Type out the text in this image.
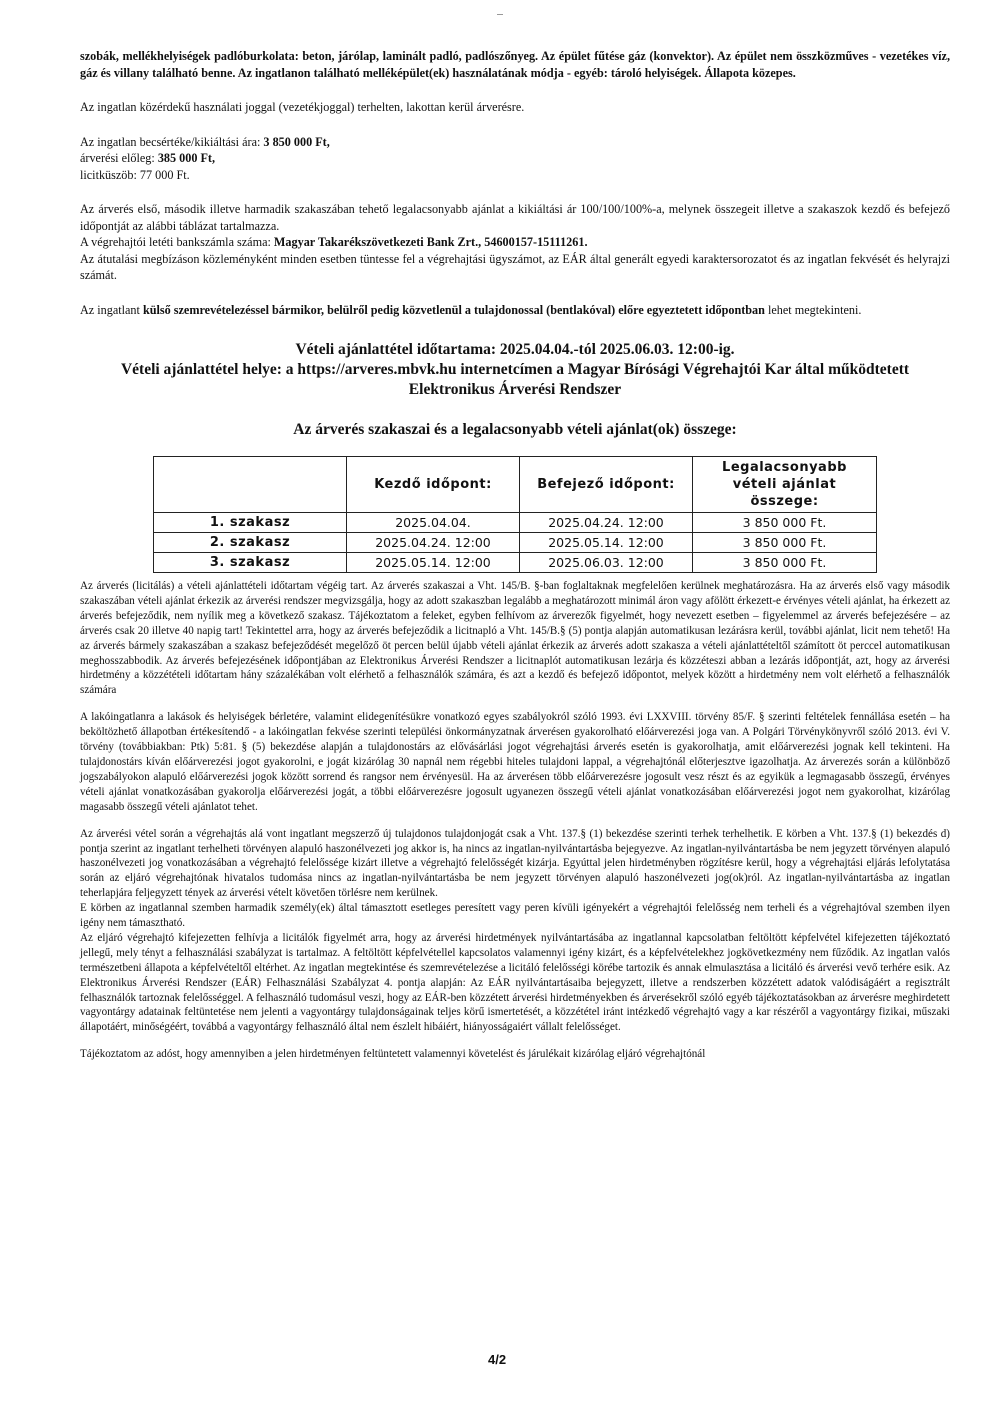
szobák, mellékhelyiségek padlóburkolata: beton, járólap, laminált padló, padlószőnyeg. Az épület fűtése gáz (konvektor). Az épület nem összközműves - vezetékes víz, gáz és villany található benne. Az ingatlanon található melléképület(ek) használatának módja - egyéb: tároló helyiségek. Állapota közepes.

Az ingatlan közérdekű használati joggal (vezetékjoggal) terhelten, lakottan kerül árverésre.

Az ingatlan becsértéke/kikiáltási ára: 3 850 000 Ft,

árverési előleg: 385 000 Ft,

licitküszöb: 77 000 Ft.

Az árverés első, második illetve harmadik szakaszában tehető legalacsonyabb ajánlat a kikiáltási ár 100/100/100%-a, melynek összegeit illetve a szakaszok kezdő és befejező időpontját az alábbi táblázat tartalmazza.

A végrehajtói letéti bankszámla száma: Magyar Takarékszövetkezeti Bank Zrt., 54600157-15111261.

Az átutalási megbízáson közleményként minden esetben tüntesse fel a végrehajtási ügyszámot, az EÁR által generált egyedi karaktersorozatot és az ingatlan fekvését és helyrajzi számát.

Az ingatlant külső szemrevételezéssel bármikor, belülről pedig közvetlenül a tulajdonossal (bentlakóval) előre egyeztetett időpontban lehet megtekinteni.

Vételi ajánlattétel időtartama: 2025.04.04.-tól 2025.06.03. 12:00-ig.

Vételi ajánlattétel helye: a https://arveres.mbvk.hu internetcímen a Magyar Bírósági Végrehajtói Kar által működtetett Elektronikus Árverési Rendszer

Az árverés szakaszai és a legalacsonyabb vételi ajánlat(ok) összege:

	Kezdő időpont:	Befejező időpont:	Legalacsonyabb vételi ajánlat összege:
1. szakasz	2025.04.04.	2025.04.24. 12:00	3 850 000 Ft.
2. szakasz	2025.04.24. 12:00	2025.05.14. 12:00	3 850 000 Ft.
3. szakasz	2025.05.14. 12:00	2025.06.03. 12:00	3 850 000 Ft.

Az árverés (licitálás) a vételi ajánlattételi időtartam végéig tart. Az árverés szakaszai a Vht. 145/B. §-ban foglaltaknak megfelelően kerülnek meghatározásra. Ha az árverés első vagy második szakaszában vételi ajánlat érkezik az árverési rendszer megvizsgálja, hogy az adott szakaszban legalább a meghatározott minimál áron vagy afölött érkezett-e érvényes vételi ajánlat, ha érkezett az árverés befejeződik, nem nyílik meg a következő szakasz. Tájékoztatom a feleket, egyben felhívom az árverezők figyelmét, hogy nevezett esetben – figyelemmel az árverés befejezésére – az árverés csak 20 illetve 40 napig tart! Tekintettel arra, hogy az árverés befejeződik a licitnapló a Vht. 145/B.§ (5) pontja alapján automatikusan lezárásra kerül, további ajánlat, licit nem tehető! Ha az árverés bármely szakaszában a szakasz befejeződését megelőző öt percen belül újabb vételi ajánlat érkezik az árverés adott szakasza a vételi ajánlattételtől számított öt perccel automatikusan meghosszabbodik. Az árverés befejezésének időpontjában az Elektronikus Árverési Rendszer a licitnaplót automatikusan lezárja és közzéteszi abban a lezárás időpontját, azt, hogy az árverési hirdetmény a közzétételi időtartam hány százalékában volt elérhető a felhasználók számára, és azt a kezdő és befejező időpontot, melyek között a hirdetmény nem volt elérhető a felhasználók számára

A lakóingatlanra a lakások és helyiségek bérletére, valamint elidegenítésükre vonatkozó egyes szabályokról szóló 1993. évi LXXVIII. törvény 85/F. § szerinti feltételek fennállása esetén – ha beköltözhető állapotban értékesítendő - a lakóingatlan fekvése szerinti települési önkormányzatnak árverésen gyakorolható előárverezési joga van. A Polgári Törvénykönyvről szóló 2013. évi V. törvény (továbbiakban: Ptk) 5:81. § (5) bekezdése alapján a tulajdonostárs az elővásárlási jogot végrehajtási árverés esetén is gyakorolhatja, amit előárverezési jognak kell tekinteni. Ha tulajdonostárs kíván előárverezési jogot gyakorolni, e jogát kizárólag 30 napnál nem régebbi hiteles tulajdoni lappal, a végrehajtónál előterjesztve igazolhatja. Az árverezés során a különböző jogszabályokon alapuló előárverezési jogok között sorrend és rangsor nem érvényesül. Ha az árverésen több előárverezésre jogosult vesz részt és az egyikük a legmagasabb összegű, érvényes vételi ajánlat vonatkozásában gyakorolja előárverezési jogát, a többi előárverezésre jogosult ugyanezen összegű vételi ajánlat vonatkozásában előárverezési jogot nem gyakorolhat, kizárólag magasabb összegű vételi ajánlatot tehet.

Az árverési vétel során a végrehajtás alá vont ingatlant megszerző új tulajdonos tulajdonjogát csak a Vht. 137.§ (1) bekezdése szerinti terhek terhelhetik. E körben a Vht. 137.§ (1) bekezdés d) pontja szerint az ingatlant terhelheti törvényen alapuló haszonélvezeti jog akkor is, ha nincs az ingatlan-nyilvántartásba bejegyezve. Az ingatlan-nyilvántartásba be nem jegyzett törvényen alapuló haszonélvezeti jog vonatkozásában a végrehajtó felelőssége kizárt illetve a végrehajtó felelősségét kizárja. Egyúttal jelen hirdetményben rögzítésre kerül, hogy a végrehajtási eljárás lefolytatása során az eljáró végrehajtónak hivatalos tudomása nincs az ingatlan-nyilvántartásba be nem jegyzett törvényen alapuló haszonélvezeti jog(ok)ról. Az ingatlan-nyilvántartásba az ingatlan teherlapjára feljegyzett tények az árverési vételt követően törlésre nem kerülnek.

E körben az ingatlannal szemben harmadik személy(ek) által támasztott esetleges peresített vagy peren kívüli igényekért a végrehajtói felelősség nem terheli és a végrehajtóval szemben ilyen igény nem támasztható.

Az eljáró végrehajtó kifejezetten felhívja a licitálók figyelmét arra, hogy az árverési hirdetmények nyilvántartásába az ingatlannal kapcsolatban feltöltött képfelvétel kifejezetten tájékoztató jellegű, mely tényt a felhasználási szabályzat is tartalmaz. A feltöltött képfelvétellel kapcsolatos valamennyi igény kizárt, és a képfelvételekhez jogkövetkezmény nem fűződik. Az ingatlan valós természetbeni állapota a képfelvételtől eltérhet. Az ingatlan megtekintése és szemrevételezése a licitáló felelősségi körébe tartozik és annak elmulasztása a licitáló és árverési vevő terhére esik. Az Elektronikus Árverési Rendszer (EÁR) Felhasználási Szabályzat 4. pontja alapján: Az EÁR nyilvántartásaiba bejegyzett, illetve a rendszerben közzétett adatok valódiságáért a regisztrált felhasználók tartoznak felelősséggel. A felhasználó tudomásul veszi, hogy az EÁR-ben közzétett árverési hirdetményekben és árverésekről szóló egyéb tájékoztatásokban az árverésre meghirdetett vagyontárgy adatainak feltüntetése nem jelenti a vagyontárgy tulajdonságainak teljes körű ismertetését, a közzététel iránt intézkedő végrehajtó vagy a kar részéről a vagyontárgy fizikai, műszaki állapotáért, minőségéért, továbbá a vagyontárgy felhasználó által nem észlelt hibáiért, hiányosságaiért vállalt felelősséget.

Tájékoztatom az adóst, hogy amennyiben a jelen hirdetményen feltüntetett valamennyi követelést és járulékait kizárólag eljáró végrehajtónál

4/2
